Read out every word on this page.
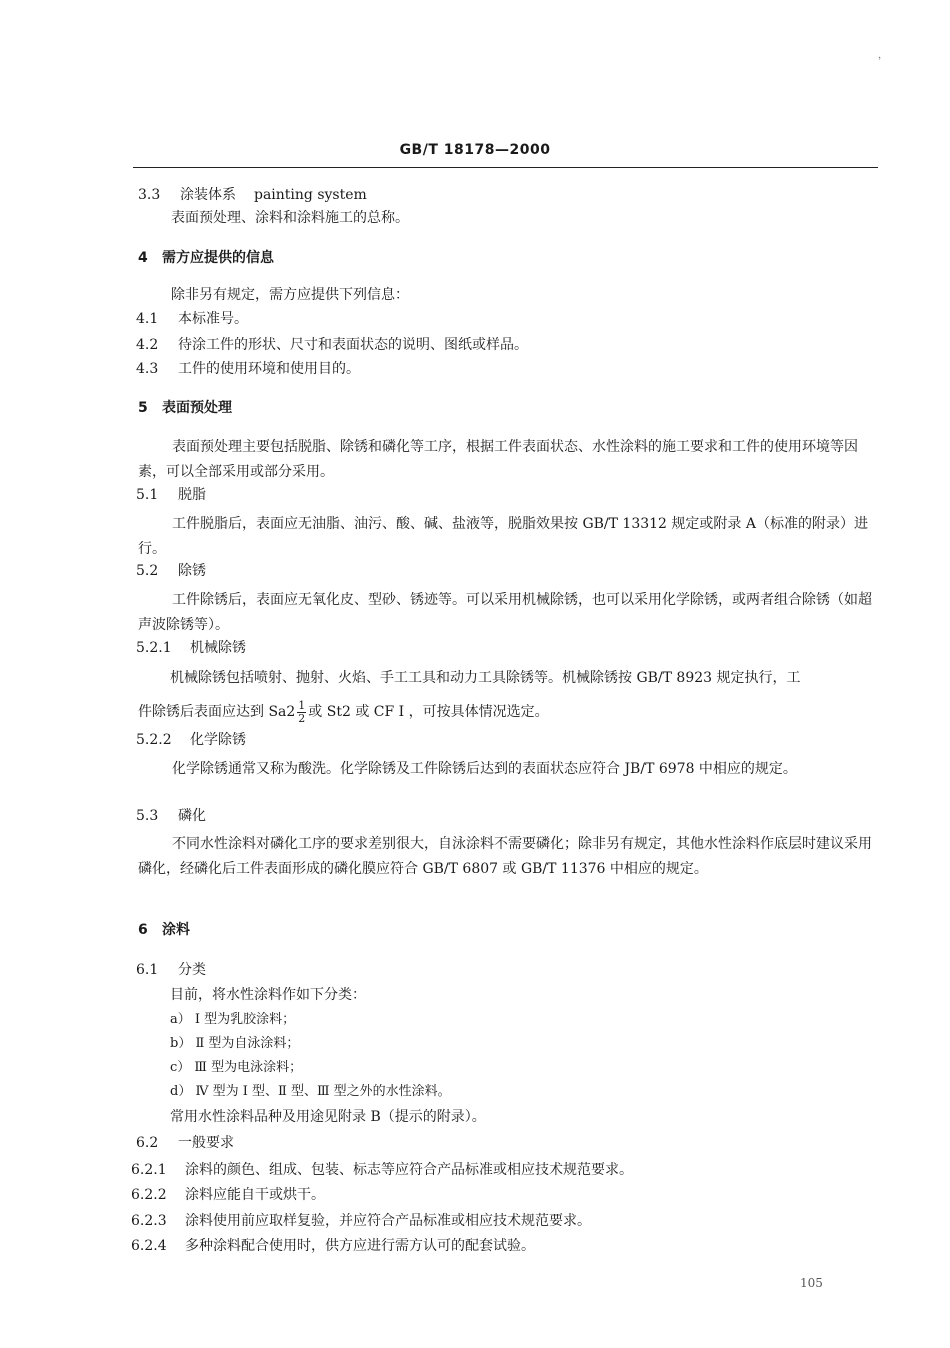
，
GB/T 18178—2000
3.3 涂装体系 painting system
表面预处理、涂料和涂料施工的总称。
4 需方应提供的信息
除非另有规定，需方应提供下列信息：
4.1 本标准号。
4.2 待涂工件的形状、尺寸和表面状态的说明、图纸或样品。
4.3 工件的使用环境和使用目的。
5 表面预处理
表面预处理主要包括脱脂、除锈和磷化等工序，根据工件表面状态、水性涂料的施工要求和工件的使用环境等因素，可以全部采用或部分采用。
5.1 脱脂
工件脱脂后，表面应无油脂、油污、酸、碱、盐液等，脱脂效果按 GB/T 13312 规定或附录 A（标准的附录）进行。
5.2 除锈
工件除锈后，表面应无氧化皮、型砂、锈迹等。可以采用机械除锈，也可以采用化学除锈，或两者组合除锈（如超声波除锈等）。
5.2.1 机械除锈
机械除锈包括喷射、抛射、火焰、手工工具和动力工具除锈等。机械除锈按 GB/T 8923 规定执行，工
件除锈后表面应达到 $Sa2 \frac{1}{2}$ 或 St2 或 CF I ，可按具体情况选定。
5.2.2 化学除锈
化学除锈通常又称为酸洗。化学除锈及工件除锈后达到的表面状态应符合 JB/T 6978 中相应的规定。
5.3 磷化
不同水性涂料对磷化工序的要求差别很大，自泳涂料不需要磷化；除非另有规定，其他水性涂料作底层时建议采用磷化，经磷化后工件表面形成的磷化膜应符合 GB/T 6807 或 GB/T 11376 中相应的规定。
6 涂料
6.1 分类
目前，将水性涂料作如下分类：
a） Ⅰ 型为乳胶涂料；
b） Ⅱ 型为自泳涂料；
c） Ⅲ 型为电泳涂料；
d） Ⅳ 型为 Ⅰ 型、Ⅱ 型、Ⅲ 型之外的水性涂料。
常用水性涂料品种及用途见附录 B（提示的附录）。
6.2 一般要求
6.2.1 涂料的颜色、组成、包装、标志等应符合产品标准或相应技术规范要求。
6.2.2 涂料应能自干或烘干。
6.2.3 涂料使用前应取样复验，并应符合产品标准或相应技术规范要求。
6.2.4 多种涂料配合使用时，供方应进行需方认可的配套试验。
105
